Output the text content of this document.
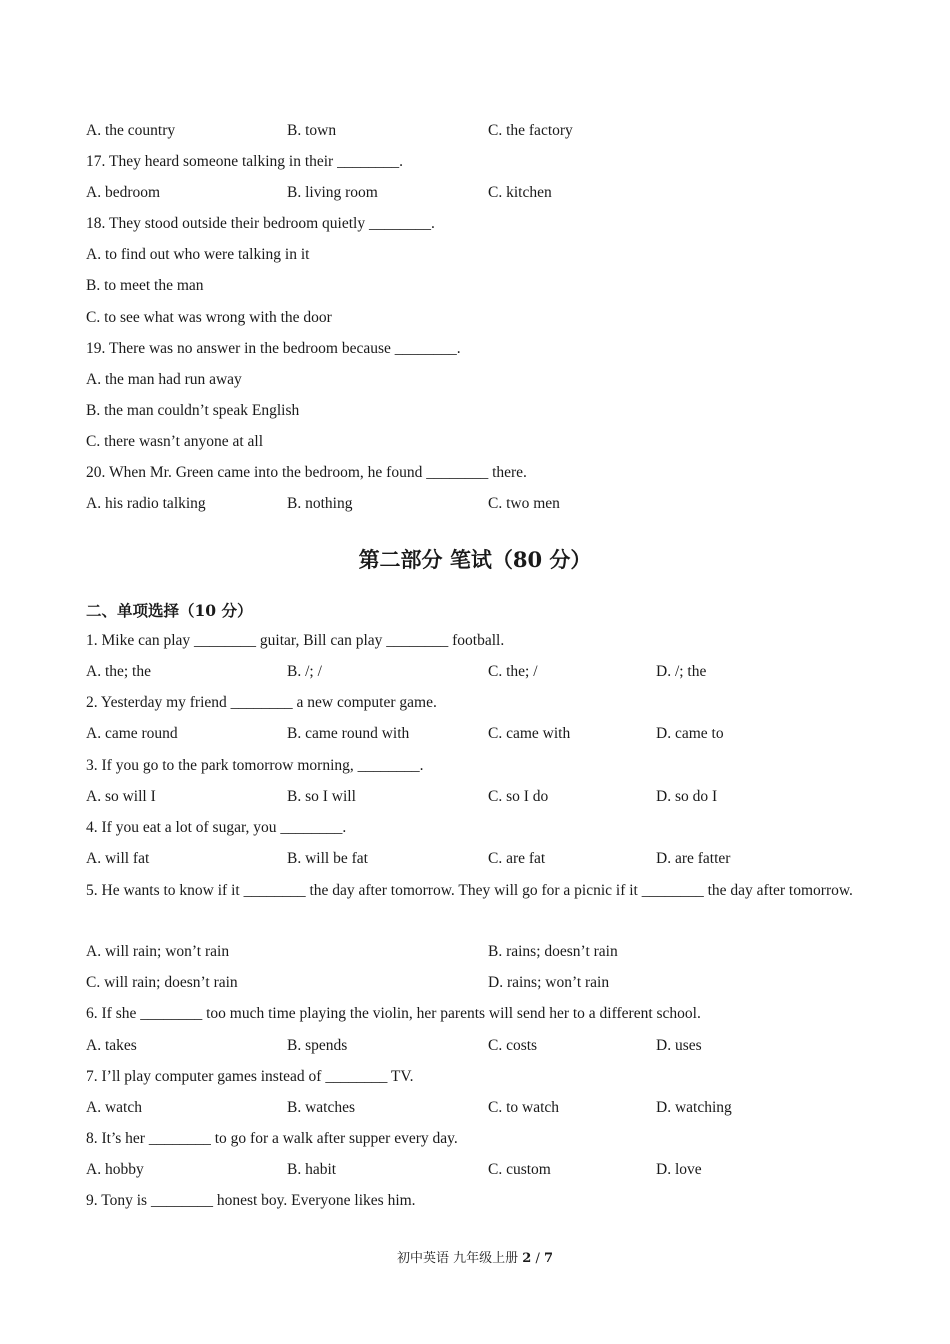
A. the country	B. town	C. the factory
17. They heard someone talking in their ________.
A. bedroom	B. living room	C. kitchen
18. They stood outside their bedroom quietly ________.
A. to find out who were talking in it
B. to meet the man
C. to see what was wrong with the door
19. There was no answer in the bedroom because ________.
A. the man had run away
B. the man couldn’t speak English
C. there wasn’t anyone at all
20. When Mr. Green came into the bedroom, he found ________ there.
A. his radio talking	B. nothing	C. two men
第二部分 笔试（80 分）
二、单项选择（10 分）
1. Mike can play ________ guitar, Bill can play ________ football.
A. the; the	B. /; /	C. the; /	D. /; the
2. Yesterday my friend ________ a new computer game.
A. came round	B. came round with	C. came with	D. came to
3. If you go to the park tomorrow morning, ________.
A. so will I	B. so I will	C. so I do	D. so do I
4. If you eat a lot of sugar, you ________.
A. will fat	B. will be fat	C. are fat	D. are fatter
5. He wants to know if it ________ the day after tomorrow. They will go for a picnic if it ________ the day after tomorrow.
A. will rain; won’t rain	B. rains; doesn’t rain
C. will rain; doesn’t rain	D. rains; won’t rain
6. If she ________ too much time playing the violin, her parents will send her to a different school.
A. takes	B. spends	C. costs	D. uses
7. I’ll play computer games instead of ________ TV.
A. watch	B. watches	C. to watch	D. watching
8. It’s her ________ to go for a walk after supper every day.
A. hobby	B. habit	C. custom	D. love
9. Tony is ________ honest boy. Everyone likes him.
初中英语 九年级上册 2 / 7
